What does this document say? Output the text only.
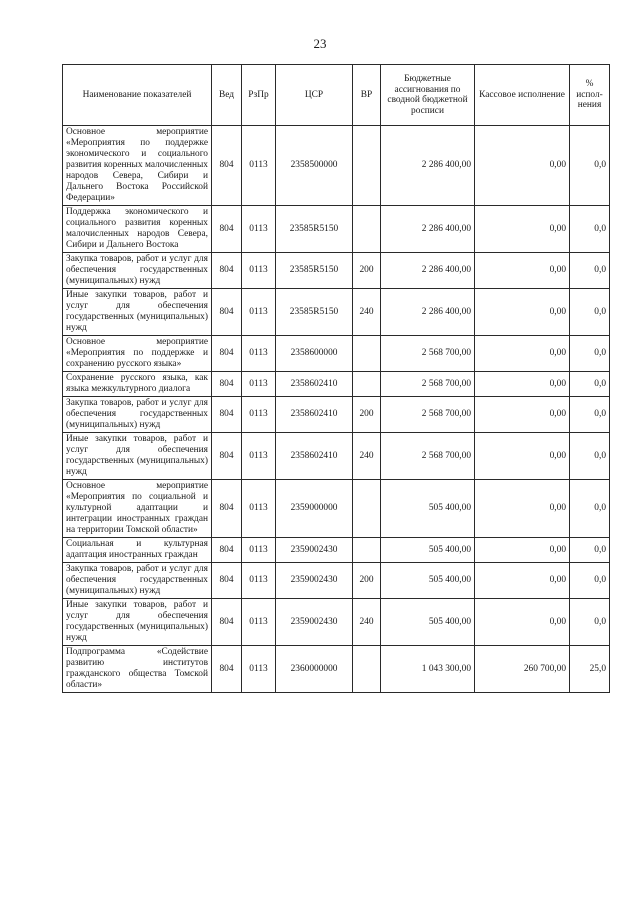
23
Наименование показателей	Вед	РзПр	ЦСР	ВР	Бюджетные ассигнования по сводной бюджетной росписи	Кассовое исполнение	% испол-нения
Основное мероприятие «Мероприятия по поддержке экономического и социального развития коренных малочисленных народов Севера, Сибири и Дальнего Востока Российской Федерации»	804	0113	2358500000		2 286 400,00	0,00	0,0
Поддержка экономического и социального развития коренных малочисленных народов Севера, Сибири и Дальнего Востока	804	0113	23585R5150		2 286 400,00	0,00	0,0
Закупка товаров, работ и услуг для обеспечения государственных (муниципальных) нужд	804	0113	23585R5150	200	2 286 400,00	0,00	0,0
Иные закупки товаров, работ и услуг для обеспечения государственных (муниципальных) нужд	804	0113	23585R5150	240	2 286 400,00	0,00	0,0
Основное мероприятие «Мероприятия по поддержке и сохранению русского языка»	804	0113	2358600000		2 568 700,00	0,00	0,0
Сохранение русского языка, как языка межкультурного диалога	804	0113	2358602410		2 568 700,00	0,00	0,0
Закупка товаров, работ и услуг для обеспечения государственных (муниципальных) нужд	804	0113	2358602410	200	2 568 700,00	0,00	0,0
Иные закупки товаров, работ и услуг для обеспечения государственных (муниципальных) нужд	804	0113	2358602410	240	2 568 700,00	0,00	0,0
Основное мероприятие «Мероприятия по социальной и культурной адаптации и интеграции иностранных граждан на территории Томской области»	804	0113	2359000000		505 400,00	0,00	0,0
Социальная и культурная адаптация иностранных граждан	804	0113	2359002430		505 400,00	0,00	0,0
Закупка товаров, работ и услуг для обеспечения государственных (муниципальных) нужд	804	0113	2359002430	200	505 400,00	0,00	0,0
Иные закупки товаров, работ и услуг для обеспечения государственных (муниципальных) нужд	804	0113	2359002430	240	505 400,00	0,00	0,0
Подпрограмма «Содействие развитию институтов гражданского общества Томской области»	804	0113	2360000000		1 043 300,00	260 700,00	25,0
